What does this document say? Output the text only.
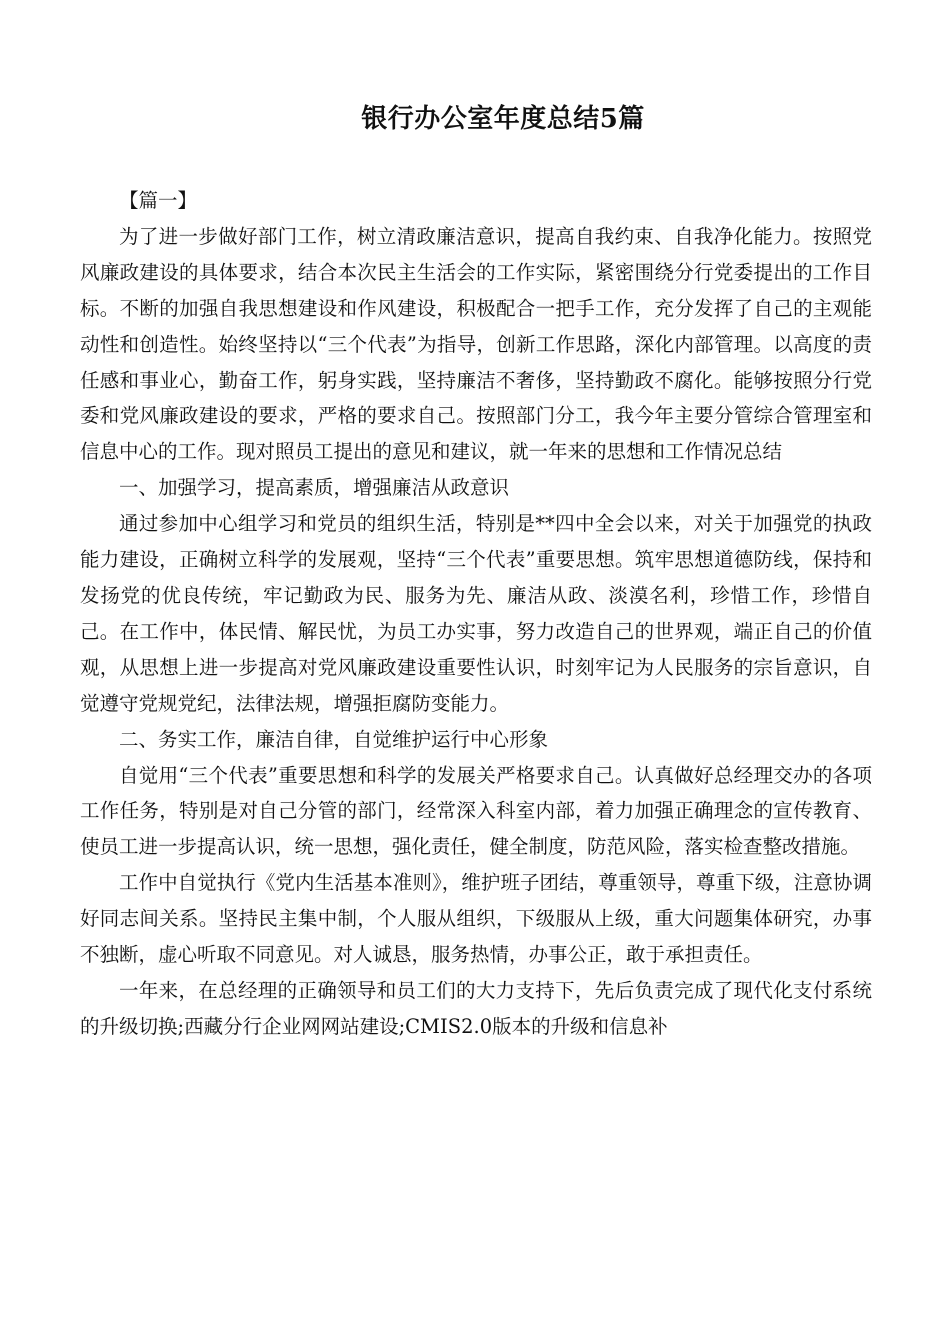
银行办公室年度总结5篇

【篇一】

为了进一步做好部门工作，树立清政廉洁意识，提高自我约束、自我净化能力。按照党风廉政建设的具体要求，结合本次民主生活会的工作实际，紧密围绕分行党委提出的工作目标。不断的加强自我思想建设和作风建设，积极配合一把手工作，充分发挥了自己的主观能动性和创造性。始终坚持以“三个代表”为指导，创新工作思路，深化内部管理。以高度的责任感和事业心，勤奋工作，躬身实践，坚持廉洁不奢侈，坚持勤政不腐化。能够按照分行党委和党风廉政建设的要求，严格的要求自己。按照部门分工，我今年主要分管综合管理室和信息中心的工作。现对照员工提出的意见和建议，就一年来的思想和工作情况总结

一、加强学习，提高素质，增强廉洁从政意识

通过参加中心组学习和党员的组织生活，特别是**四中全会以来，对关于加强党的执政能力建设，正确树立科学的发展观，坚持“三个代表”重要思想。筑牢思想道德防线，保持和发扬党的优良传统，牢记勤政为民、服务为先、廉洁从政、淡漠名利，珍惜工作，珍惜自己。在工作中，体民情、解民忧，为员工办实事，努力改造自己的世界观，端正自己的价值观，从思想上进一步提高对党风廉政建设重要性认识，时刻牢记为人民服务的宗旨意识，自觉遵守党规党纪，法律法规，增强拒腐防变能力。

二、务实工作，廉洁自律，自觉维护运行中心形象

自觉用“三个代表”重要思想和科学的发展关严格要求自己。认真做好总经理交办的各项工作任务，特别是对自己分管的部门，经常深入科室内部，着力加强正确理念的宣传教育、使员工进一步提高认识，统一思想，强化责任，健全制度，防范风险，落实检查整改措施。

工作中自觉执行《党内生活基本准则》，维护班子团结，尊重领导，尊重下级，注意协调好同志间关系。坚持民主集中制，个人服从组织，下级服从上级，重大问题集体研究，办事不独断，虚心听取不同意见。对人诚恳，服务热情，办事公正，敢于承担责任。

一年来，在总经理的正确领导和员工们的大力支持下，先后负责完成了现代化支付系统的升级切换;西藏分行企业网网站建设;CMIS2.0版本的升级和信息补
